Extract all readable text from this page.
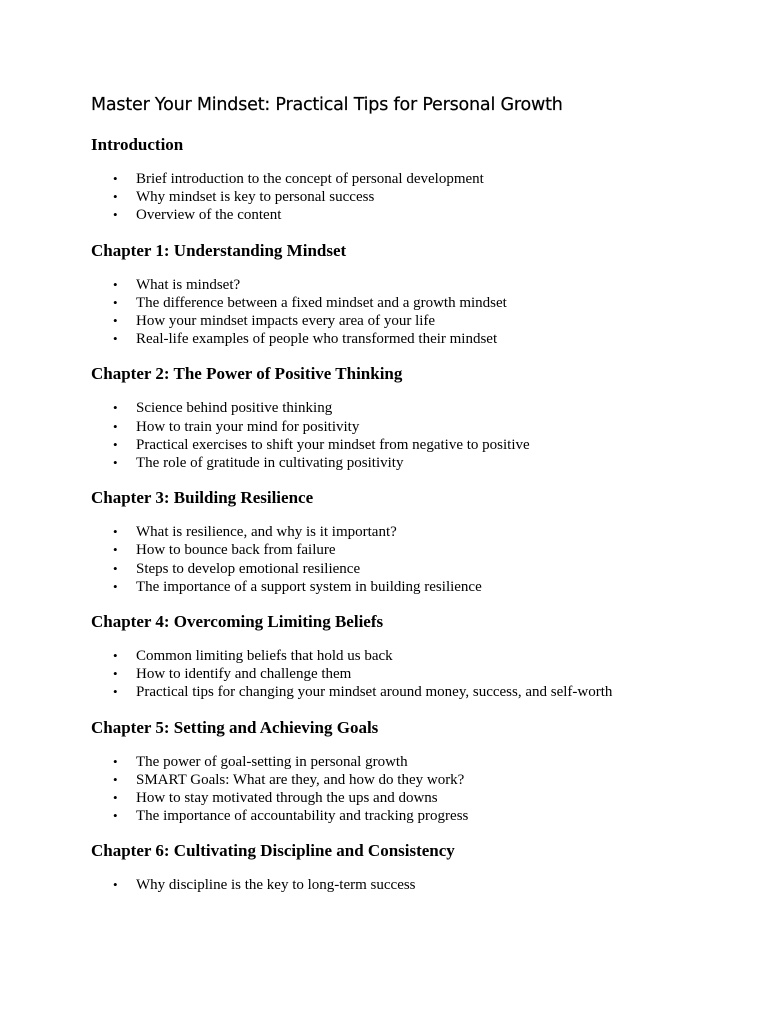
Master Your Mindset: Practical Tips for Personal Growth
Introduction
• Brief introduction to the concept of personal development
• Why mindset is key to personal success
• Overview of the content
Chapter 1: Understanding Mindset
• What is mindset?
• The difference between a fixed mindset and a growth mindset
• How your mindset impacts every area of your life
• Real-life examples of people who transformed their mindset
Chapter 2: The Power of Positive Thinking
• Science behind positive thinking
• How to train your mind for positivity
• Practical exercises to shift your mindset from negative to positive
• The role of gratitude in cultivating positivity
Chapter 3: Building Resilience
• What is resilience, and why is it important?
• How to bounce back from failure
• Steps to develop emotional resilience
• The importance of a support system in building resilience
Chapter 4: Overcoming Limiting Beliefs
• Common limiting beliefs that hold us back
• How to identify and challenge them
• Practical tips for changing your mindset around money, success, and self-worth
Chapter 5: Setting and Achieving Goals
• The power of goal-setting in personal growth
• SMART Goals: What are they, and how do they work?
• How to stay motivated through the ups and downs
• The importance of accountability and tracking progress
Chapter 6: Cultivating Discipline and Consistency
• Why discipline is the key to long-term success
